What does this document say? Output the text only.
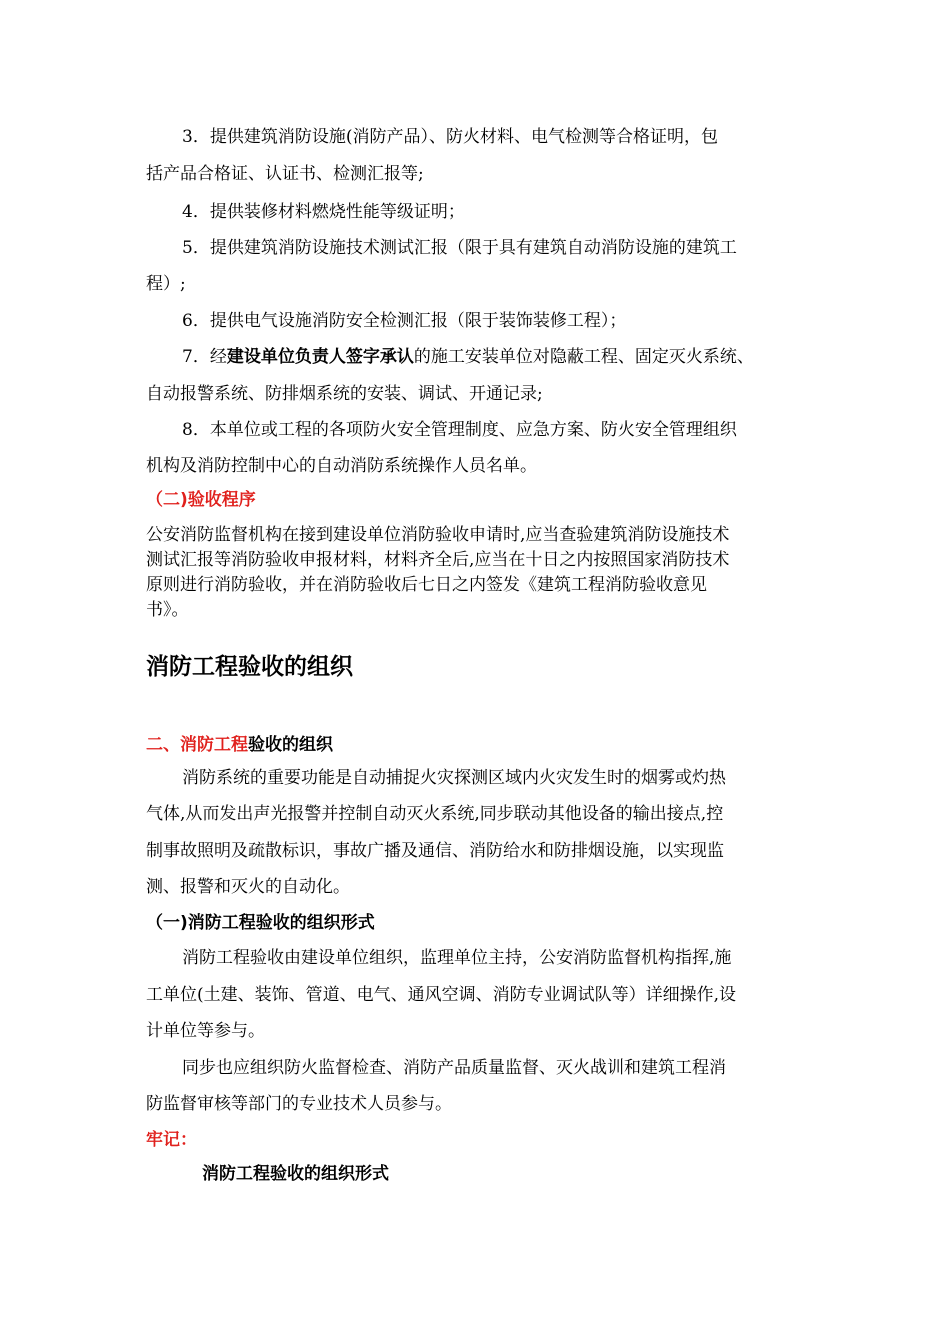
3．提供建筑消防设施(消防产品）、防火材料、电气检测等合格证明，包
括产品合格证、认证书、检测汇报等;
4．提供装修材料燃烧性能等级证明；
5．提供建筑消防设施技术测试汇报（限于具有建筑自动消防设施的建筑工
程）;
6．提供电气设施消防安全检测汇报（限于装饰装修工程）；
7．经建设单位负责人签字承认的施工安装单位对隐蔽工程、固定灭火系统、
自动报警系统、防排烟系统的安装、调试、开通记录;
8．本单位或工程的各项防火安全管理制度、应急方案、防火安全管理组织
机构及消防控制中心的自动消防系统操作人员名单。
（二)验收程序
公安消防监督机构在接到建设单位消防验收申请时,应当查验建筑消防设施技术
测试汇报等消防验收申报材料，材料齐全后,应当在十日之内按照国家消防技术
原则进行消防验收，并在消防验收后七日之内签发《建筑工程消防验收意见
书》。
消防工程验收的组织
二、消防工程验收的组织
消防系统的重要功能是自动捕捉火灾探测区域内火灾发生时的烟雾或灼热
气体,从而发出声光报警并控制自动灭火系统,同步联动其他设备的输出接点,控
制事故照明及疏散标识，事故广播及通信、消防给水和防排烟设施，以实现监
测、报警和灭火的自动化。
（一)消防工程验收的组织形式
消防工程验收由建设单位组织，监理单位主持，公安消防监督机构指挥,施
工单位(土建、装饰、管道、电气、通风空调、消防专业调试队等）详细操作,设
计单位等参与。
同步也应组织防火监督检查、消防产品质量监督、灭火战训和建筑工程消
防监督审核等部门的专业技术人员参与。
牢记：
消防工程验收的组织形式
